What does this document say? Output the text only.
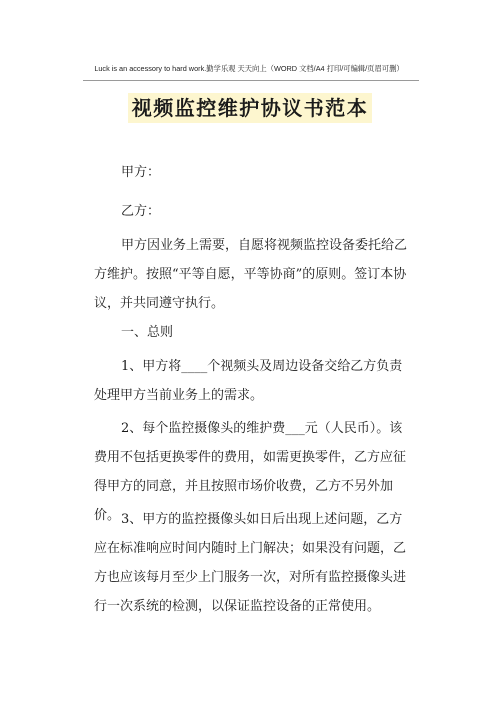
Luck is an accessory to hard work.勤学乐观 天天向上（WORD 文档/A4 打印/可编辑/页眉可删）
视频监控维护协议书范本

甲方：

乙方：

甲方因业务上需要，自愿将视频监控设备委托给乙方维护。按照“平等自愿，平等协商”的原则。签订本协议，并共同遵守执行。

一、总则

1、甲方将____个视频头及周边设备交给乙方负责处理甲方当前业务上的需求。

2、每个监控摄像头的维护费___元（人民币）。该费用不包括更换零件的费用，如需更换零件，乙方应征得甲方的同意，并且按照市场价收费，乙方不另外加价。 3、甲方的监控摄像头如日后出现上述问题，乙方应在标准响应时间内随时上门解决；如果没有问题，乙方也应该每月至少上门服务一次，对所有监控摄像头进行一次系统的检测，以保证监控设备的正常使用。
